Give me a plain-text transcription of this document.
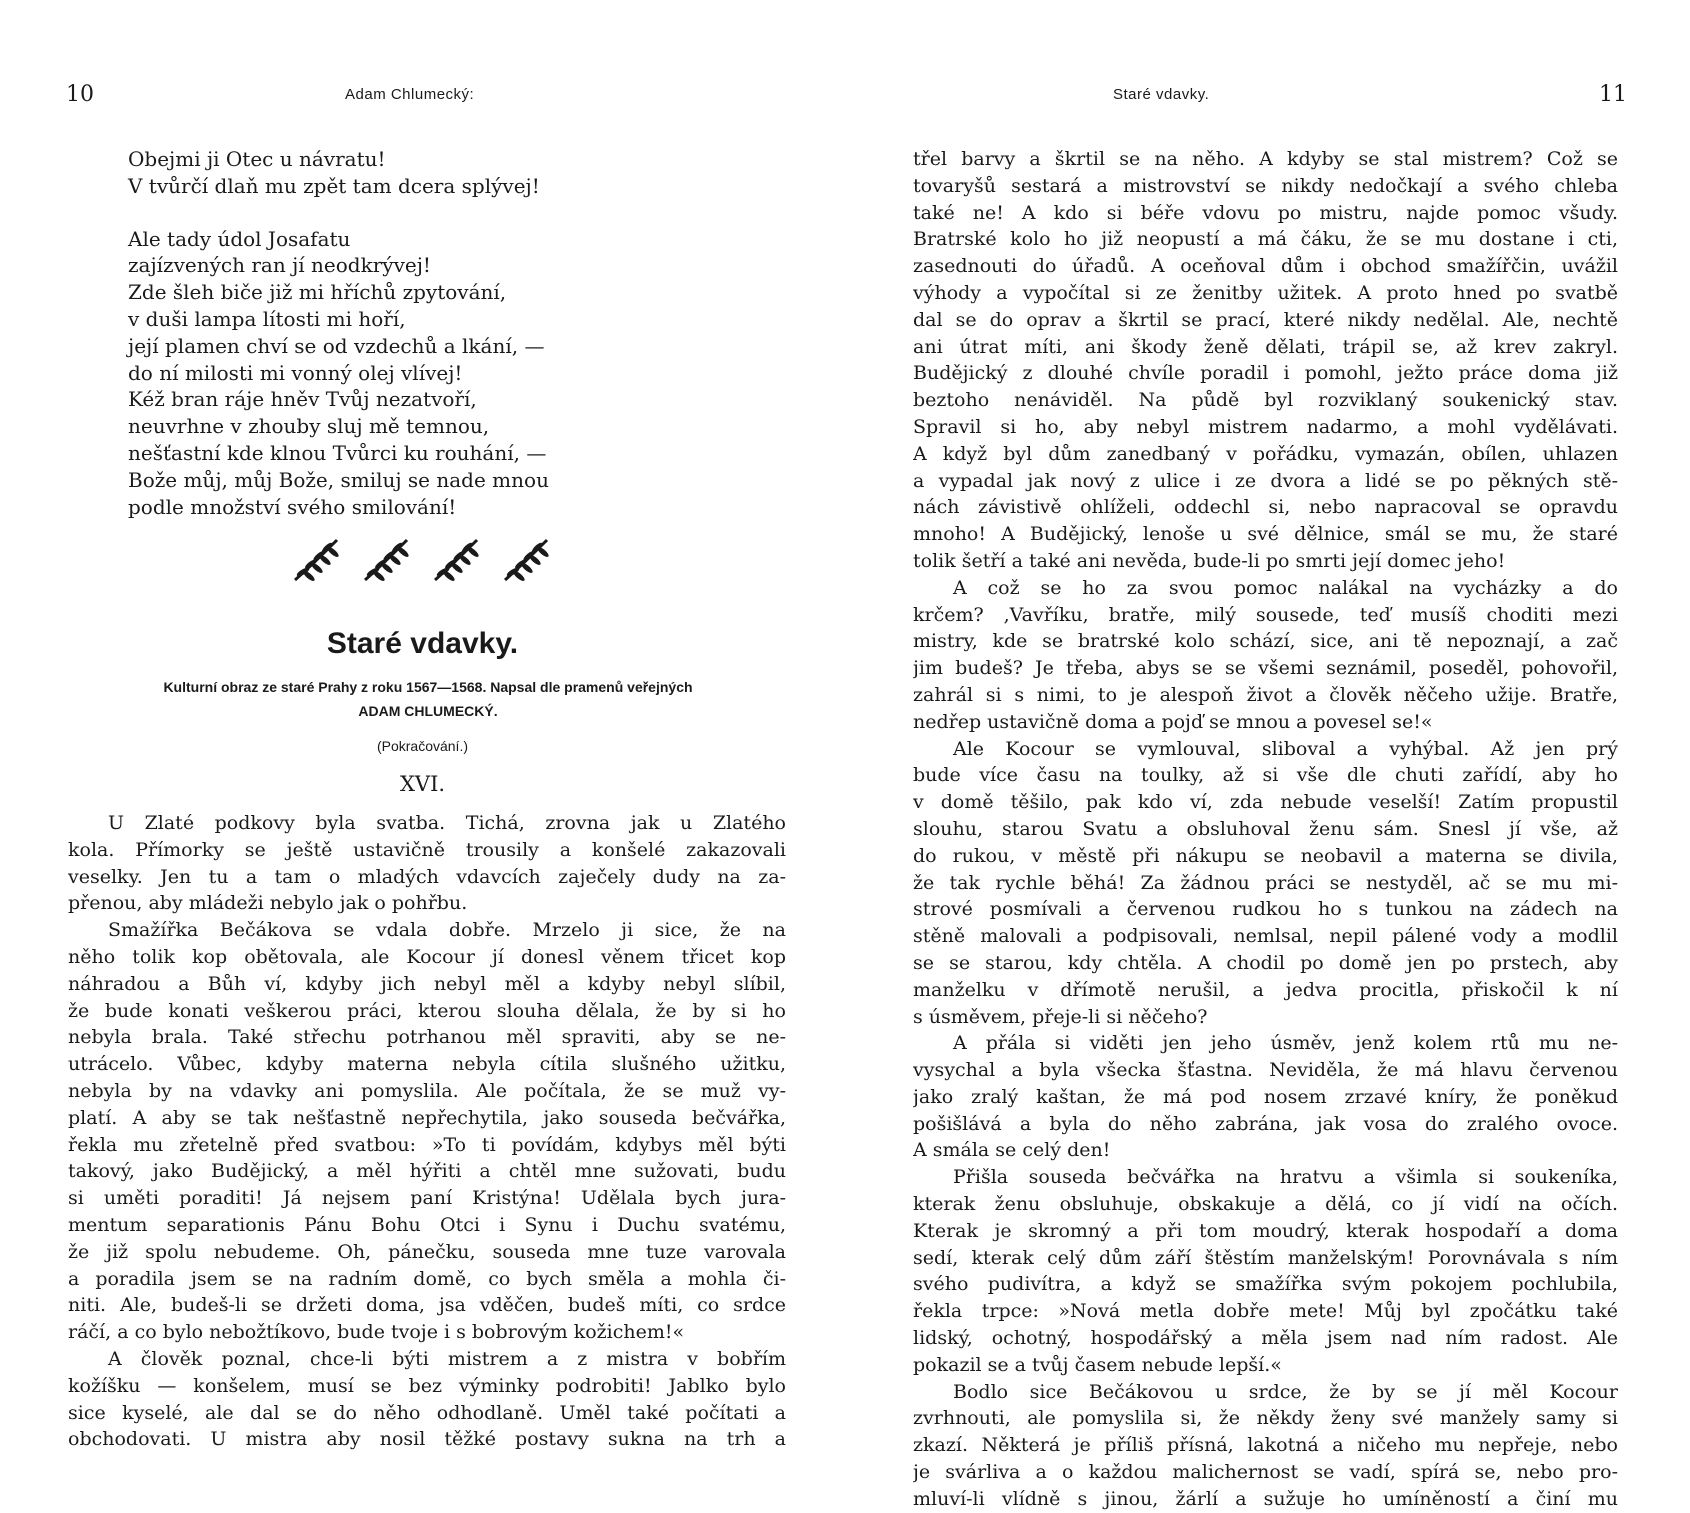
10	Adam Chlumecký:
Obejmi ji Otec u návratu!
V tvůrčí dlaň mu zpět tam dcera splývej!
Ale tady údol Josafatu
zajízvených ran jí neodkrývej!
Zde šleh biče již mi hříchů zpytování,
v duši lampa lítosti mi hoří,
její plamen chví se od vzdechů a lkání, —
do ní milosti mi vonný olej vlívej!
Kéž bran ráje hněv Tvůj nezatvoří,
neuvrhne v zhouby sluj mě temnou,
nešťastní kde klnou Tvůrci ku rouhání, —
Bože můj, můj Bože, smiluj se nade mnou
podle množství svého smilování!
Staré vdavky.
Kulturní obraz ze staré Prahy z roku 1567—1568. Napsal dle pramenů veřejných
ADAM CHLUMECKÝ.
(Pokračování.)
XVI.

U Zlaté podkovy byla svatba. Tichá, zrovna jak u Zlatého
kola. Přímorky se ještě ustavičně trousily a konšelé zakazovali
veselky. Jen tu a tam o mladých vdavcích zaječely dudy na za-
přenou, aby mládeži nebylo jak o pohřbu.

Smažířka Bečákova se vdala dobře. Mrzelo ji sice, že na
něho tolik kop obětovala, ale Kocour jí donesl věnem třicet kop
náhradou a Bůh ví, kdyby jich nebyl měl a kdyby nebyl slíbil,
že bude konati veškerou práci, kterou slouha dělala, že by si ho
nebyla brala. Také střechu potrhanou měl spraviti, aby se ne-
utrácelo. Vůbec, kdyby materna nebyla cítila slušného užitku,
nebyla by na vdavky ani pomyslila. Ale počítala, že se muž vy-
platí. A aby se tak nešťastně nepřechytila, jako souseda bečvářka,
řekla mu zřetelně před svatbou: »To ti povídám, kdybys měl býti
takový, jako Budějický, a měl hýřiti a chtěl mne sužovati, budu
si uměti poraditi! Já nejsem paní Kristýna! Udělala bych jura-
mentum separationis Pánu Bohu Otci i Synu i Duchu svatému,
že již spolu nebudeme. Oh, pánečku, souseda mne tuze varovala
a poradila jsem se na radním domě, co bych směla a mohla či-
niti. Ale, budeš-li se držeti doma, jsa vděčen, budeš míti, co srdce
ráčí, a co bylo nebožtíkovo, bude tvoje i s bobrovým kožichem!«

A člověk poznal, chce-li býti mistrem a z mistra v bobřím
kožíšku — konšelem, musí se bez výminky podrobiti! Jablko bylo
sice kyselé, ale dal se do něho odhodlaně. Uměl také počítati a
obchodovati. U mistra aby nosil těžké postavy sukna na trh a

Staré vdavky.	11

třel barvy a škrtil se na něho. A kdyby se stal mistrem? Což se
tovaryšů sestará a mistrovství se nikdy nedočkají a svého chleba
také ne! A kdo si béře vdovu po mistru, najde pomoc všudy.
Bratrské kolo ho již neopustí a má čáku, že se mu dostane i cti,
zasednouti do úřadů. A oceňoval dům i obchod smažířčin, uvážil
výhody a vypočítal si ze ženitby užitek. A proto hned po svatbě
dal se do oprav a škrtil se prací, které nikdy nedělal. Ale, nechtě
ani útrat míti, ani škody ženě dělati, trápil se, až krev zakryl.
Budějický z dlouhé chvíle poradil i pomohl, ježto práce doma již
beztoho nenáviděl. Na půdě byl rozviklaný soukenický stav.
Spravil si ho, aby nebyl mistrem nadarmo, a mohl vydělávati.
A když byl dům zanedbaný v pořádku, vymazán, obílen, uhlazen
a vypadal jak nový z ulice i ze dvora a lidé se po pěkných stě-
nách závistivě ohlíželi, oddechl si, nebo napracoval se opravdu
mnoho! A Budějický, lenoše u své dělnice, smál se mu, že staré
tolik šetří a také ani nevěda, bude-li po smrti její domec jeho!

A což se ho za svou pomoc nalákal na vycházky a do
krčem? ,Vavříku, bratře, milý sousede, teď musíš choditi mezi
mistry, kde se bratrské kolo schází, sice, ani tě nepoznají, a zač
jim budeš? Je třeba, abys se se všemi seznámil, poseděl, pohovořil,
zahrál si s nimi, to je alespoň život a člověk něčeho užije. Bratře,
nedřep ustavičně doma a pojď se mnou a povesel se!«

Ale Kocour se vymlouval, sliboval a vyhýbal. Až jen prý
bude více času na toulky, až si vše dle chuti zařídí, aby ho
v domě těšilo, pak kdo ví, zda nebude veselší! Zatím propustil
slouhu, starou Svatu a obsluhoval ženu sám. Snesl jí vše, až
do rukou, v městě při nákupu se neobavil a materna se divila,
že tak rychle běhá! Za žádnou práci se nestyděl, ač se mu mi-
strové posmívali a červenou rudkou ho s tunkou na zádech na
stěně malovali a podpisovali, nemlsal, nepil pálené vody a modlil
se se starou, kdy chtěla. A chodil po domě jen po prstech, aby
manželku v dřímotě nerušil, a jedva procitla, přiskočil k ní
s úsměvem, přeje-li si něčeho?

A přála si viděti jen jeho úsměv, jenž kolem rtů mu ne-
vysychal a byla všecka šťastna. Neviděla, že má hlavu červenou
jako zralý kaštan, že má pod nosem zrzavé kníry, že poněkud
pošišlává a byla do něho zabrána, jak vosa do zralého ovoce.
A smála se celý den!

Přišla souseda bečvářka na hratvu a všimla si soukeníka,
kterak ženu obsluhuje, obskakuje a dělá, co jí vidí na očích.
Kterak je skromný a při tom moudrý, kterak hospodaří a doma
sedí, kterak celý dům září štěstím manželským! Porovnávala s ním
svého pudivítra, a když se smažířka svým pokojem pochlubila,
řekla trpce: »Nová metla dobře mete! Můj byl zpočátku také
lidský, ochotný, hospodářský a měla jsem nad ním radost. Ale
pokazil se a tvůj časem nebude lepší.«

Bodlo sice Bečákovou u srdce, že by se jí měl Kocour
zvrhnouti, ale pomyslila si, že někdy ženy své manžely samy si
zkazí. Některá je příliš přísná, lakotná a ničeho mu nepřeje, nebo
je svárliva a o každou malichernost se vadí, spírá se, nebo pro-
mluví-li vlídně s jinou, žárlí a sužuje ho umíněností a činí mu
